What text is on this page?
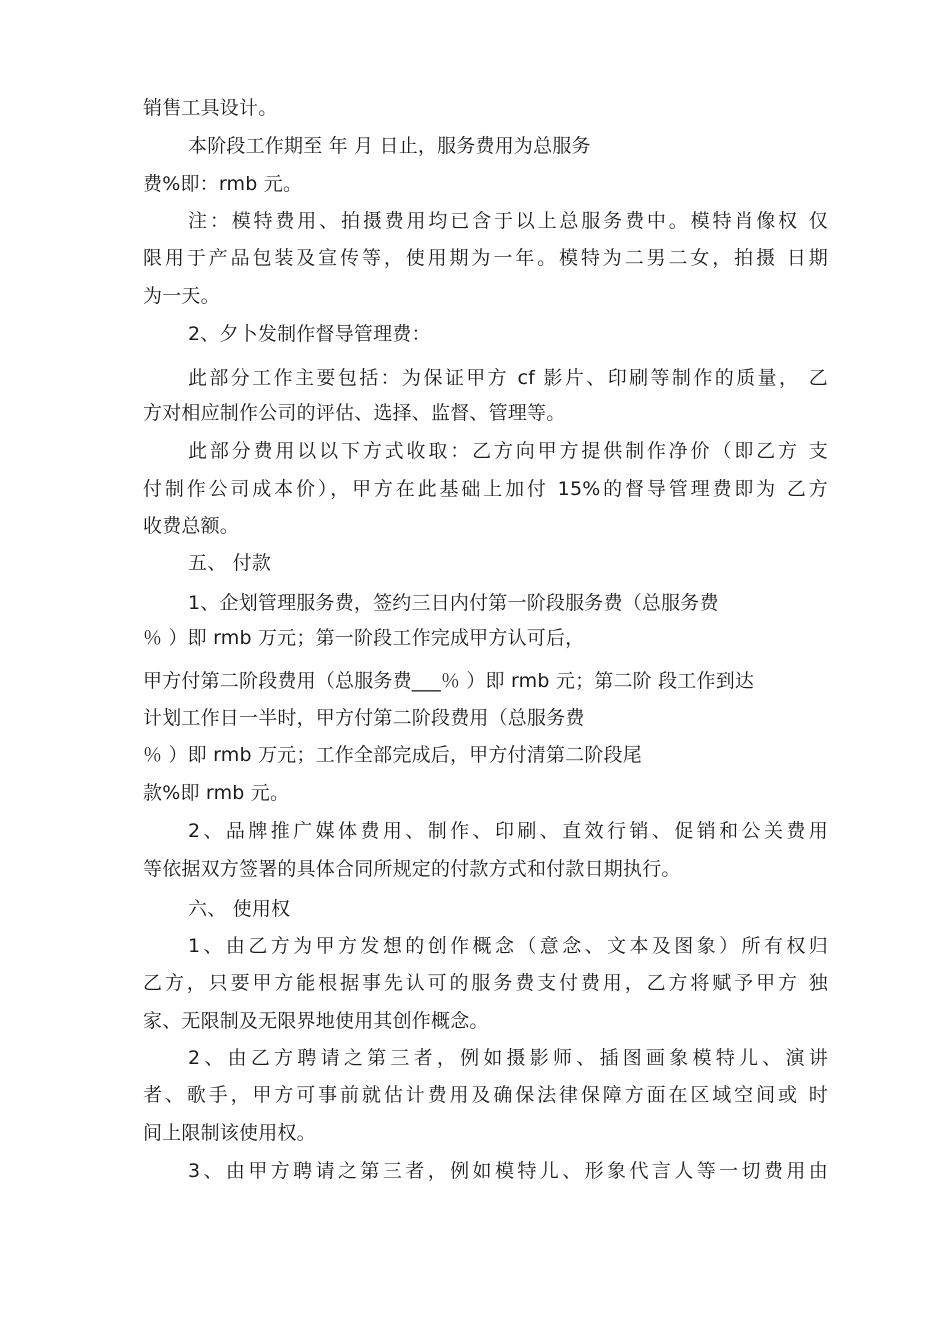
销售工具设计。
本阶段工作期至 年 月 日止，服务费用为总服务
费%即：rmb 元。
注：模特费用、拍摄费用均已含于以上总服务费中。模特肖像权 仅
限用于产品包装及宣传等，使用期为一年。模特为二男二女，拍摄 日期
为一天。
2、夕卜发制作督导管理费：
此部分工作主要包括：为保证甲方 cf 影片、印刷等制作的质量， 乙
方对相应制作公司的评估、选择、监督、管理等。
此部分费用以以下方式收取：乙方向甲方提供制作净价（即乙方 支
付制作公司成本价），甲方在此基础上加付 15%的督导管理费即为 乙方
收费总额。
五、 付款
1、企划管理服务费，签约三日内付第一阶段服务费（总服务费
％ ）即 rmb 万元；第一阶段工作完成甲方认可后，
甲方付第二阶段费用（总服务费___％ ）即 rmb 元；第二阶 段工作到达
计划工作日一半时，甲方付第二阶段费用（总服务费
％ ）即 rmb 万元；工作全部完成后，甲方付清第二阶段尾
款%即 rmb 元。
2、品牌推广媒体费用、制作、印刷、直效行销、促销和公关费用
等依据双方签署的具体合同所规定的付款方式和付款日期执行。
六、 使用权
1、由乙方为甲方发想的创作概念（意念、文本及图象）所有权归
乙方，只要甲方能根据事先认可的服务费支付费用，乙方将赋予甲方 独
家、无限制及无限界地使用其创作概念。
2、由乙方聘请之第三者，例如摄影师、插图画象模特儿、演讲
者、歌手，甲方可事前就估计费用及确保法律保障方面在区域空间或 时
间上限制该使用权。
3、由甲方聘请之第三者，例如模特儿、形象代言人等一切费用由
